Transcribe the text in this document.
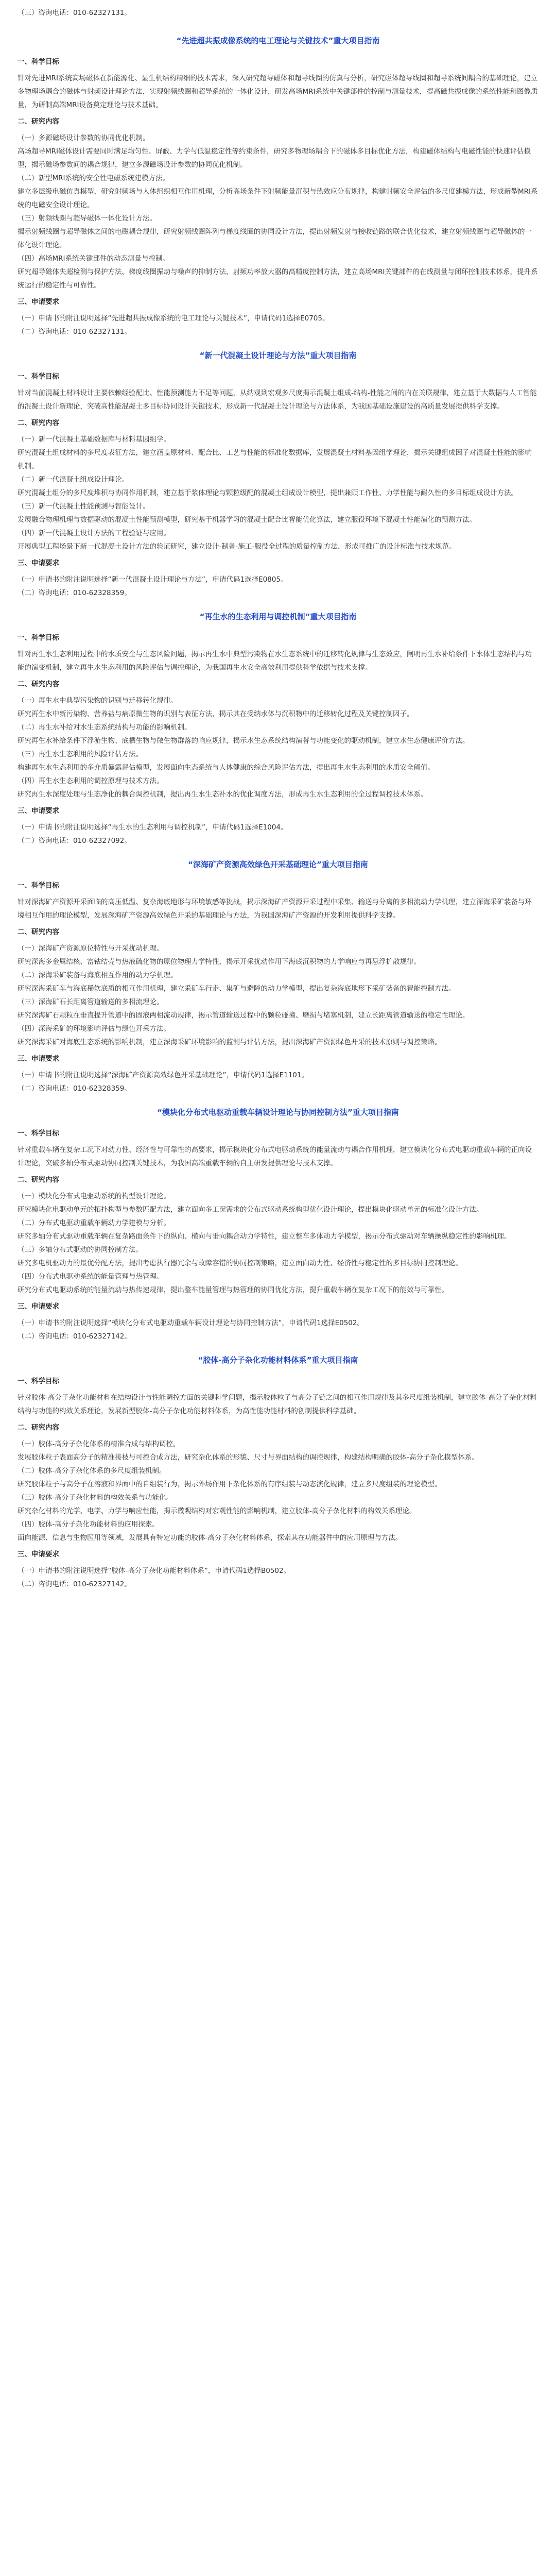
（三）咨询电话：010-62327131。

“先进超共振成像系统的电工理论与关键技术”重大项目指南

一、科学目标

针对先进MRI系统高场磁体在新能源化、显生机结构精细的技术需求，深入研究超导磁体和超导线圈的仿真与分析，研究磁体超导线圈和超导系统间耦合的基础理论，建立多物理场耦合的磁体与射频设计理论方法，实现射频线圈和超导系统的一体化设计，研发高场MRI系统中关键部件的控制与测量技术，提高磁共振成像的系统性能和图像质量，为研制高端MRI设备奠定理论与技术基础。

二、研究内容

（一）多源磁场设计参数的协同优化机制。

高场超导MRI磁体设计需要同时满足均匀性、屏蔽、力学与低温稳定性等约束条件，研究多物理场耦合下的磁体多目标优化方法，构建磁体结构与电磁性能的快速评估模型，揭示磁场参数间的耦合规律，建立多源磁场设计参数的协同优化机制。

（二）新型MRI系统的安全性电磁系统建模方法。

建立多层级电磁仿真模型，研究射频场与人体组织相互作用机理，分析高场条件下射频能量沉积与热效应分布规律，构建射频安全评估的多尺度建模方法，形成新型MRI系统的电磁安全设计理论。

（三）射频线圈与超导磁体一体化设计方法。

揭示射频线圈与超导磁体之间的电磁耦合规律，研究射频线圈阵列与梯度线圈的协同设计方法，提出射频发射与接收链路的联合优化技术，建立射频线圈与超导磁体的一体化设计理论。

（四）高场MRI系统关键部件的动态测量与控制。

研究超导磁体失超检测与保护方法、梯度线圈振动与噪声的抑制方法、射频功率放大器的高精度控制方法，建立高场MRI关键部件的在线测量与闭环控制技术体系，提升系统运行的稳定性与可靠性。

三、申请要求

（一）申请书的附注说明选择“先进超共振成像系统的电工理论与关键技术”，申请代码1选择E0705。

（二）咨询电话：010-62327131。

“新一代混凝土设计理论与方法”重大项目指南

一、科学目标

针对当前混凝土材料设计主要依赖经验配比、性能预测能力不足等问题，从纳观到宏观多尺度揭示混凝土组成-结构-性能之间的内在关联规律，建立基于大数据与人工智能的混凝土设计新理论，突破高性能混凝土多目标协同设计关键技术，形成新一代混凝土设计理论与方法体系，为我国基础设施建设的高质量发展提供科学支撑。

二、研究内容

（一）新一代混凝土基础数据库与材料基因组学。

研究混凝土组成材料的多尺度表征方法，建立涵盖原材料、配合比、工艺与性能的标准化数据库，发展混凝土材料基因组学理论，揭示关键组成因子对混凝土性能的影响机制。

（二）新一代混凝土组成设计理论。

研究混凝土组分的多尺度堆积与协同作用机制，建立基于浆体理论与颗粒级配的混凝土组成设计模型，提出兼顾工作性、力学性能与耐久性的多目标组成设计方法。

（三）新一代混凝土性能预测与智能设计。

发展融合物理机理与数据驱动的混凝土性能预测模型，研究基于机器学习的混凝土配合比智能优化算法，建立服役环境下混凝土性能演化的预测方法。

（四）新一代混凝土设计方法的工程验证与应用。

开展典型工程场景下新一代混凝土设计方法的验证研究，建立设计-制备-施工-服役全过程的质量控制方法，形成可推广的设计标准与技术规范。

三、申请要求

（一）申请书的附注说明选择“新一代混凝土设计理论与方法”，申请代码1选择E0805。

（二）咨询电话：010-62328359。

“再生水的生态利用与调控机制”重大项目指南

一、科学目标

针对再生水生态利用过程中的水质安全与生态风险问题，揭示再生水中典型污染物在水生态系统中的迁移转化规律与生态效应，阐明再生水补给条件下水体生态结构与功能的演变机制，建立再生水生态利用的风险评估与调控理论，为我国再生水安全高效利用提供科学依据与技术支撑。

二、研究内容

（一）再生水中典型污染物的识别与迁移转化规律。

研究再生水中新污染物、营养盐与病原微生物的识别与表征方法，揭示其在受纳水体与沉积物中的迁移转化过程及关键控制因子。

（二）再生水补给对水生态系统结构与功能的影响机制。

研究再生水补给条件下浮游生物、底栖生物与微生物群落的响应规律，揭示水生态系统结构演替与功能变化的驱动机制，建立水生态健康评价方法。

（三）再生水生态利用的风险评估方法。

构建再生水生态利用的多介质暴露评估模型，发展面向生态系统与人体健康的综合风险评估方法，提出再生水生态利用的水质安全阈值。

（四）再生水生态利用的调控原理与技术方法。

研究再生水深度处理与生态净化的耦合调控机制，提出再生水生态补水的优化调度方法，形成再生水生态利用的全过程调控技术体系。

三、申请要求

（一）申请书的附注说明选择“再生水的生态利用与调控机制”，申请代码1选择E1004。

（二）咨询电话：010-62327092。

“深海矿产资源高效绿色开采基础理论”重大项目指南

一、科学目标

针对深海矿产资源开采面临的高压低温、复杂海底地形与环境敏感等挑战，揭示深海矿产资源开采过程中采集、输送与分离的多相流动力学机理，建立深海采矿装备与环境相互作用的理论模型，发展深海矿产资源高效绿色开采的基础理论与方法，为我国深海矿产资源的开发利用提供科学支撑。

二、研究内容

（一）深海矿产资源原位特性与开采扰动机理。

研究深海多金属结核、富钴结壳与热液硫化物的原位物理力学特性，揭示开采扰动作用下海底沉积物的力学响应与再悬浮扩散规律。

（二）深海采矿装备与海底相互作用的动力学机理。

研究深海采矿车与海底稀软底质的相互作用机理，建立采矿车行走、集矿与避障的动力学模型，提出复杂海底地形下采矿装备的智能控制方法。

（三）深海矿石长距离管道输送的多相流理论。

研究深海矿石颗粒在垂直提升管道中的固液两相流动规律，揭示管道输送过程中的颗粒碰撞、磨损与堵塞机制，建立长距离管道输送的稳定性理论。

（四）深海采矿的环境影响评估与绿色开采方法。

研究深海采矿对海底生态系统的影响机制，建立深海采矿环境影响的监测与评估方法，提出深海矿产资源绿色开采的技术原则与调控策略。

三、申请要求

（一）申请书的附注说明选择“深海矿产资源高效绿色开采基础理论”，申请代码1选择E1101。

（二）咨询电话：010-62328359。

“模块化分布式电驱动重载车辆设计理论与协同控制方法”重大项目指南

一、科学目标

针对重载车辆在复杂工况下对动力性、经济性与可靠性的高要求，揭示模块化分布式电驱动系统的能量流动与耦合作用机理，建立模块化分布式电驱动重载车辆的正向设计理论，突破多轴分布式驱动协同控制关键技术，为我国高端重载车辆的自主研发提供理论与技术支撑。

二、研究内容

（一）模块化分布式电驱动系统的构型设计理论。

研究模块化电驱动单元的拓扑构型与参数匹配方法，建立面向多工况需求的分布式驱动系统构型优化设计理论，提出模块化驱动单元的标准化设计方法。

（二）分布式电驱动重载车辆动力学建模与分析。

研究多轴分布式驱动重载车辆在复杂路面条件下的纵向、横向与垂向耦合动力学特性，建立整车多体动力学模型，揭示分布式驱动对车辆操纵稳定性的影响机理。

（三）多轴分布式驱动的协同控制方法。

研究多电机驱动力的最优分配方法，提出考虑执行器冗余与故障容错的协同控制策略，建立面向动力性、经济性与稳定性的多目标协同控制理论。

（四）分布式电驱动系统的能量管理与热管理。

研究分布式电驱动系统的能量流动与热传递规律，提出整车能量管理与热管理的协同优化方法，提升重载车辆在复杂工况下的能效与可靠性。

三、申请要求

（一）申请书的附注说明选择“模块化分布式电驱动重载车辆设计理论与协同控制方法”，申请代码1选择E0502。

（二）咨询电话：010-62327142。

“胶体-高分子杂化功能材料体系”重大项目指南

一、科学目标

针对胶体-高分子杂化功能材料在结构设计与性能调控方面的关键科学问题，揭示胶体粒子与高分子链之间的相互作用规律及其多尺度组装机制，建立胶体-高分子杂化材料结构与功能的构效关系理论，发展新型胶体-高分子杂化功能材料体系，为高性能功能材料的创制提供科学基础。

二、研究内容

（一）胶体-高分子杂化体系的精准合成与结构调控。

发展胶体粒子表面高分子的精准接枝与可控合成方法，研究杂化体系的形貌、尺寸与界面结构的调控规律，构建结构明确的胶体-高分子杂化模型体系。

（二）胶体-高分子杂化体系的多尺度组装机制。

研究胶体粒子与高分子在溶液和界面中的自组装行为，揭示外场作用下杂化体系的有序组装与动态演化规律，建立多尺度组装的理论模型。

（三）胶体-高分子杂化材料的构效关系与功能化。

研究杂化材料的光学、电学、力学与响应性能，揭示微观结构对宏观性能的影响机制，建立胶体-高分子杂化材料的构效关系理论。

（四）胶体-高分子杂化功能材料的应用探索。

面向能源、信息与生物医用等领域，发展具有特定功能的胶体-高分子杂化材料体系，探索其在功能器件中的应用原理与方法。

三、申请要求

（一）申请书的附注说明选择“胶体-高分子杂化功能材料体系”，申请代码1选择B0502。

（二）咨询电话：010-62327142。
